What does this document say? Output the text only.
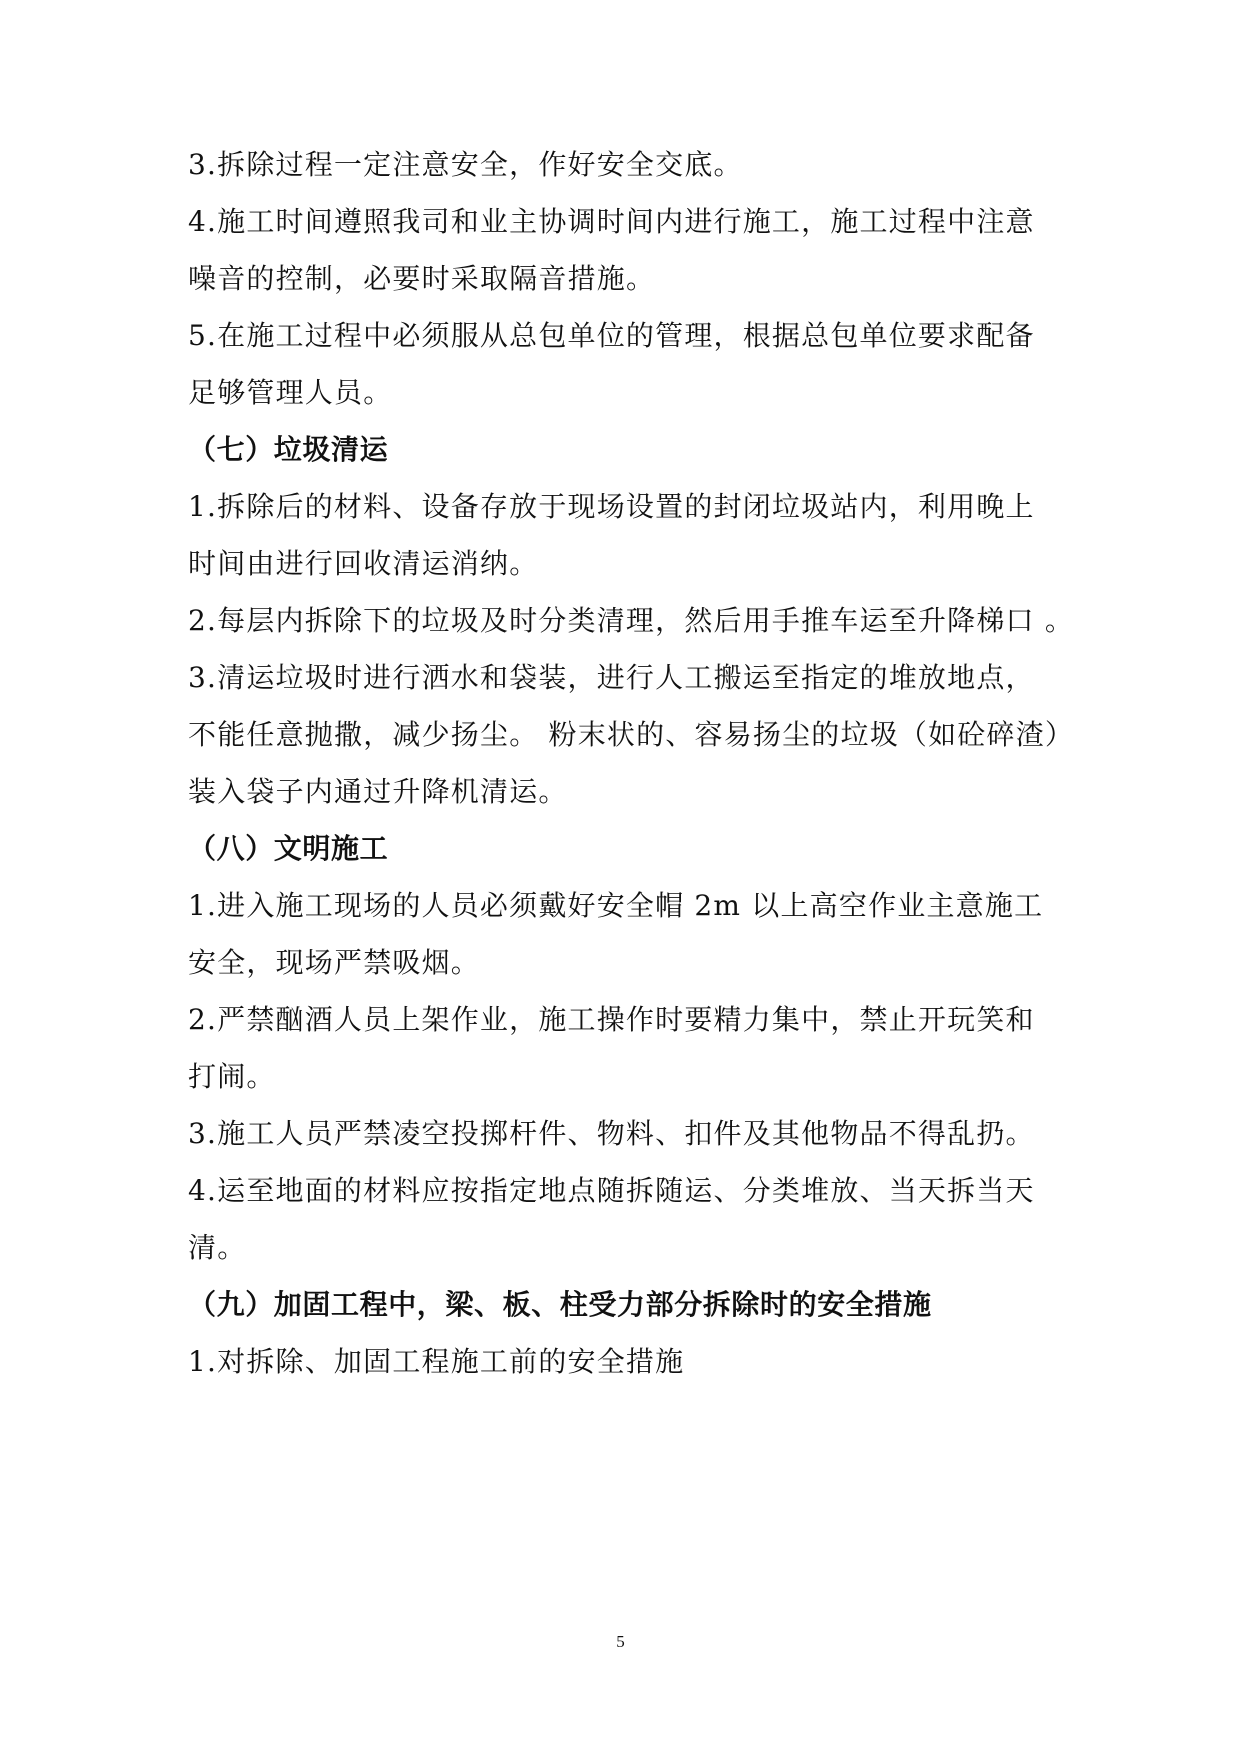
3.拆除过程一定注意安全，作好安全交底。
4.施工时间遵照我司和业主协调时间内进行施工，施工过程中注意
噪音的控制，必要时采取隔音措施。
5.在施工过程中必须服从总包单位的管理，根据总包单位要求配备
足够管理人员。
（七）垃圾清运
1.拆除后的材料、设备存放于现场设置的封闭垃圾站内，利用晚上
时间由进行回收清运消纳。
2.每层内拆除下的垃圾及时分类清理，然后用手推车运至升降梯口 。
3.清运垃圾时进行洒水和袋装，进行人工搬运至指定的堆放地点，
不能任意抛撒，减少扬尘。 粉末状的、容易扬尘的垃圾（如砼碎渣）
装入袋子内通过升降机清运。
（八）文明施工
1.进入施工现场的人员必须戴好安全帽 2m 以上高空作业主意施工
安全，现场严禁吸烟。
2.严禁酗酒人员上架作业，施工操作时要精力集中，禁止开玩笑和
打闹。
3.施工人员严禁凌空投掷杆件、物料、扣件及其他物品不得乱扔。
4.运至地面的材料应按指定地点随拆随运、分类堆放、当天拆当天
清。
（九）加固工程中，梁、板、柱受力部分拆除时的安全措施
1.对拆除、加固工程施工前的安全措施
5
